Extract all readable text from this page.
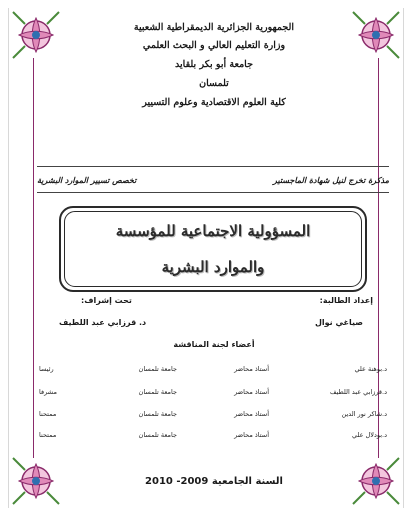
الجمهورية الجزائرية الديمقراطية الشعبية
وزارة التعليم العالي و البحث العلمي
جامعة أبو بكر بلقايد
تلمسان
كلية العلوم الاقتصادية وعلوم التسيير
مذكرة تخرج لنيل شهادة الماجستير
تخصص تسيير الموارد البشرية
المسؤولية الاجتماعية للمؤسسة
والموارد البشرية
إعداد الطالبة:
صياغي نوال
تحت إشراف:
د. قرزابي عبد اللطيف
أعضاء لجنة المناقشة
د.بوهنة علي
أستاذ محاضر
جامعة تلمسان
رئيسا
د.قرزابي عبد اللطيف
أستاذ محاضر
جامعة تلمسان
مشرفا
د.شاكر نور الدين
أستاذ محاضر
جامعة تلمسان
ممتحنا
د.بودلال علي
أستاذ محاضر
جامعة تلمسان
ممتحنا
السنة الجامعية 2009- 2010
